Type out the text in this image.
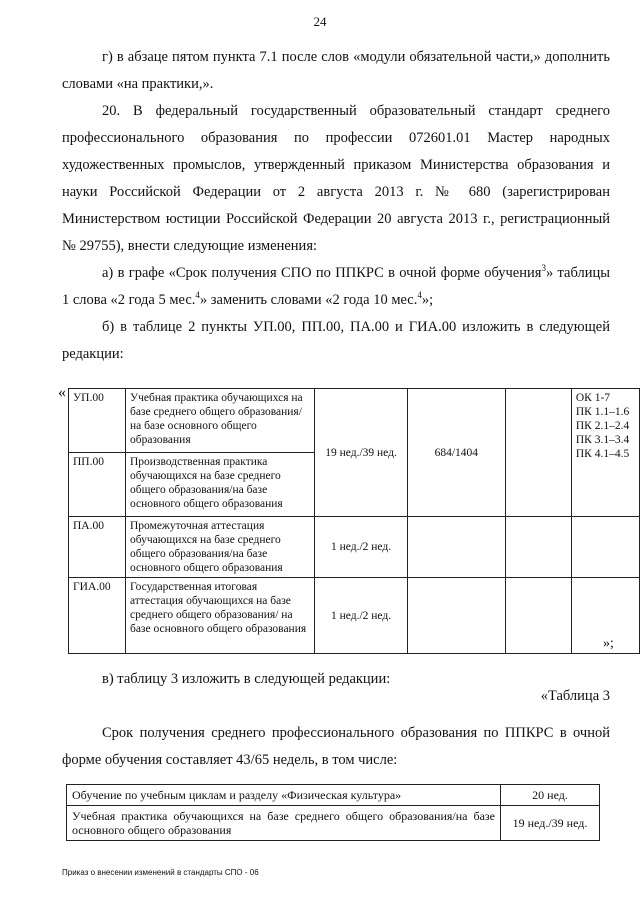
24

г) в абзаце пятом пункта 7.1 после слов «модули обязательной части,» дополнить словами «на практики,».

20. В федеральный государственный образовательный стандарт среднего профессионального образования по профессии 072601.01 Мастер народных художественных промыслов, утвержденный приказом Министерства образования и науки Российской Федерации от 2 августа 2013 г. № 680 (зарегистрирован Министерством юстиции Российской Федерации 20 августа 2013 г., регистрационный № 29755), внести следующие изменения:

а) в графе «Срок получения СПО по ППКРС в очной форме обучения$^3$» таблицы 1 слова «2 года 5 мес.$^4$» заменить словами «2 года 10 мес.$^4$»;

б) в таблице 2 пункты УП.00, ПП.00, ПА.00 и ГИА.00 изложить в следующей редакции:

« УП.00	Учебная практика обучающихся на базе среднего общего образования/на базе основного общего образования	19 нед./39 нед.	684/1404		ОК 1-7
ПК 1.1–1.6
ПК 2.1–2.4
ПК 3.1–3.4
ПК 4.1–4.5

ПП.00	Производственная практика обучающихся на базе среднего общего образования/на базе основного общего образования				
ПА.00	Промежуточная аттестация обучающихся на базе среднего общего образования/на базе основного общего образования	1 нед./2 нед.			
ГИА.00	Государственная итоговая аттестация обучающихся на базе среднего общего образования/ на базе основного общего образования	1 нед./2 нед.			
»;
в) таблицу 3 изложить в следующей редакции:
«Таблица 3

Срок получения среднего профессионального образования по ППКРС в очной форме обучения составляет 43/65 недель, в том числе:

Обучение по учебным циклам и разделу «Физическая культура»	20 нед.
Учебная практика обучающихся на базе среднего общего образования/на базе основного общего образования	19 нед./39 нед.
Приказ о внесении изменений в стандарты СПО - 06
